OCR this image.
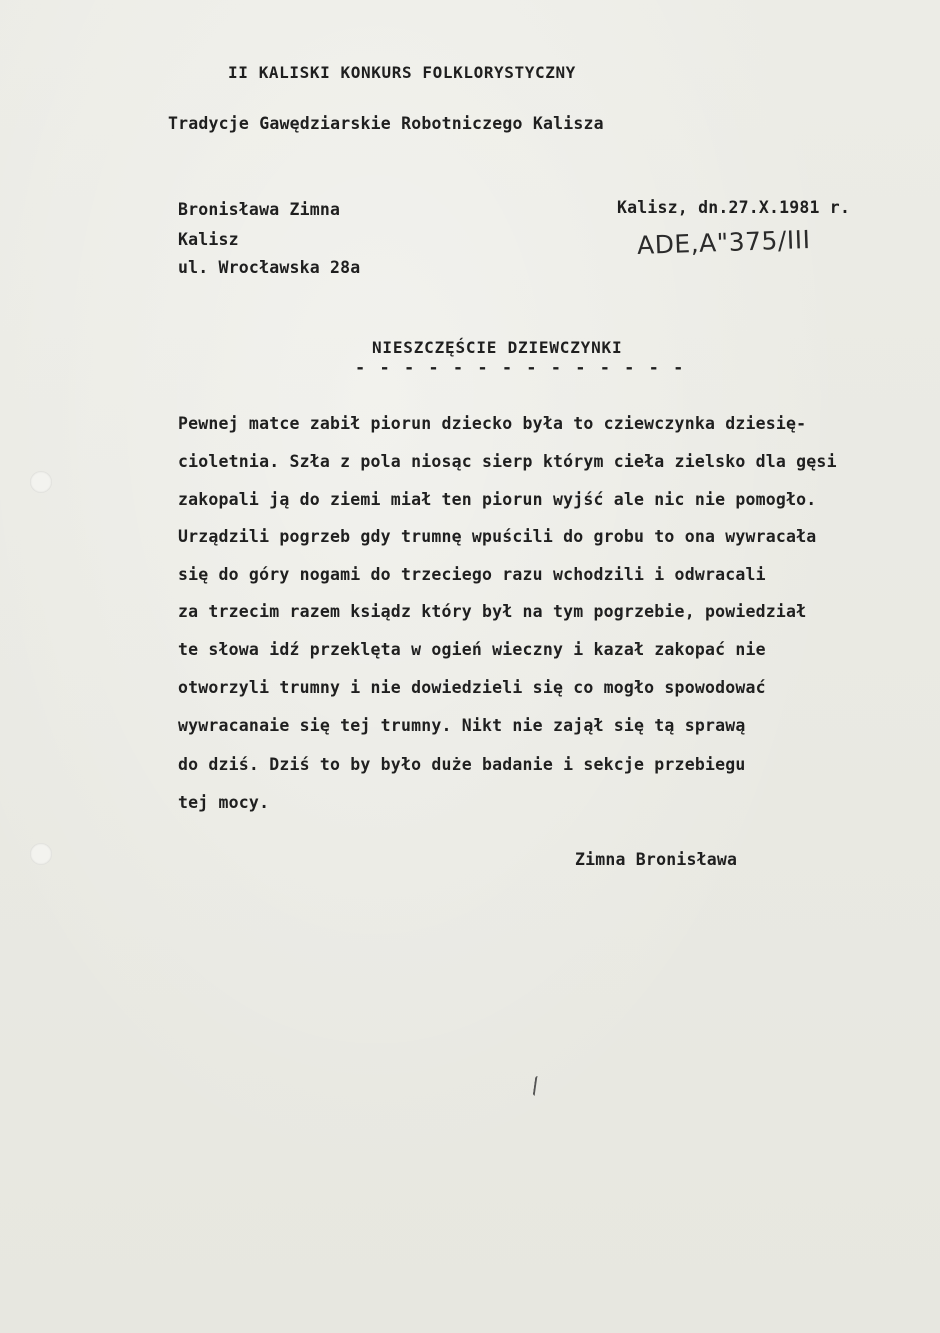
II KALISKI KONKURS FOLKLORYSTYCZNY
Tradycje Gawędziarskie Robotniczego Kalisza
Bronisława Zimna
Kalisz
ul. Wrocławska 28a
Kalisz, dn.27.X.1981 r.
ADE,A"375/III
NIESZCZĘŚCIE DZIEWCZYNKI
- - - - - - - - - - - - - -
Pewnej matce zabił piorun dziecko była to cziewczynka dziesię-
cioletnia. Szła z pola niosąc sierp którym cieła zielsko dla gęsi
zakopali ją do ziemi miał ten piorun wyjść ale nic nie pomogło.
Urządzili pogrzeb gdy trumnę wpuścili do grobu to ona wywracała
się do góry nogami do trzeciego razu wchodzili i odwracali
za trzecim razem ksiądz który był na tym pogrzebie, powiedział
te słowa idź przeklęta w ogień wieczny i kazał zakopać nie
otworzyli trumny i nie dowiedzieli się co mogło spowodować
wywracanaie się tej trumny. Nikt nie zajął się tą sprawą
do dziś. Dziś to by było duże badanie i sekcje przebiegu
tej mocy.
Zimna Bronisława
